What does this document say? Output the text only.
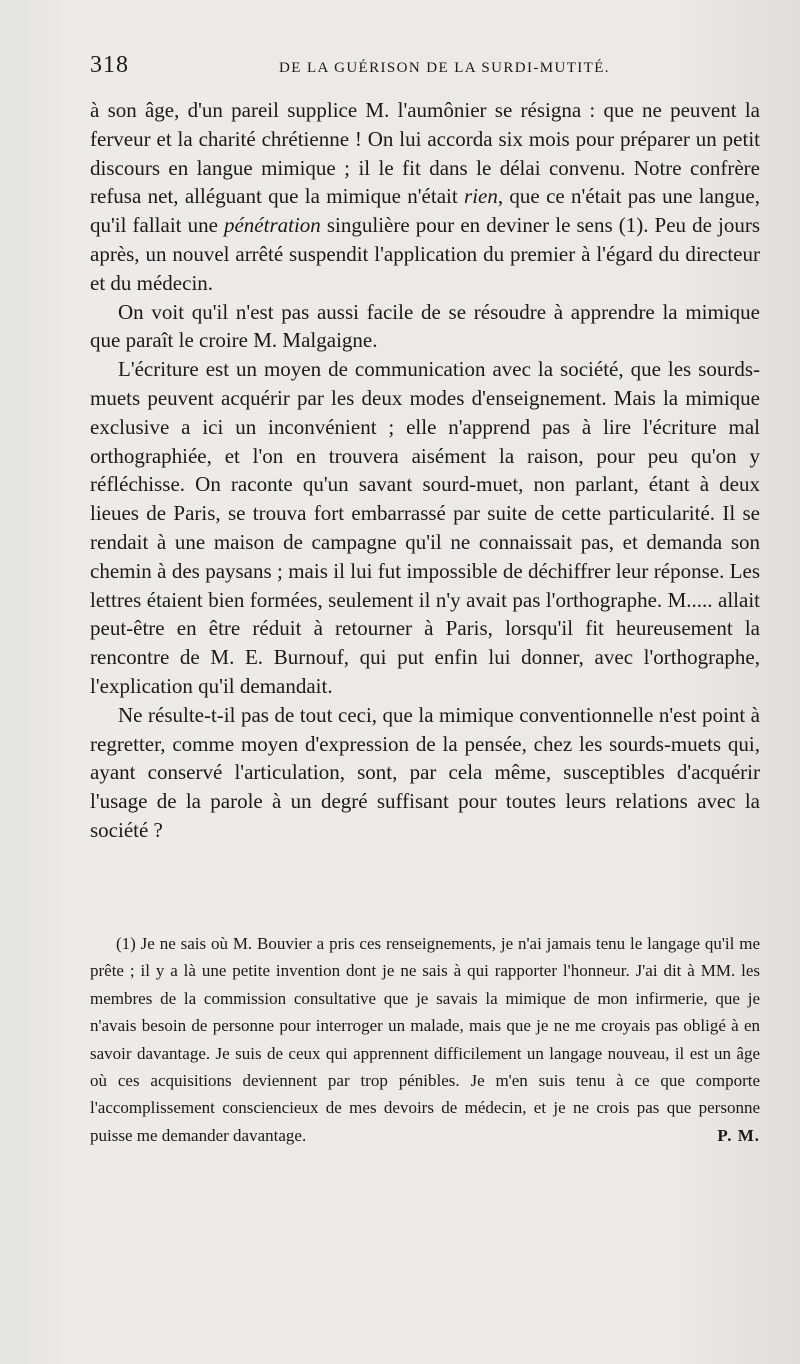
318	DE LA GUÉRISON DE LA SURDI-MUTITÉ.

à son âge, d'un pareil supplice M. l'aumônier se résigna : que ne peuvent la ferveur et la charité chrétienne ! On lui accorda six mois pour préparer un petit discours en langue mimique ; il le fit dans le délai convenu. Notre confrère refusa net, alléguant que la mimique n'était rien, que ce n'était pas une langue, qu'il fallait une pénétration singulière pour en deviner le sens (1). Peu de jours après, un nouvel arrêté suspendit l'application du premier à l'égard du directeur et du médecin.

On voit qu'il n'est pas aussi facile de se résoudre à apprendre la mimique que paraît le croire M. Malgaigne.

L'écriture est un moyen de communication avec la société, que les sourds-muets peuvent acquérir par les deux modes d'enseignement. Mais la mimique exclusive a ici un inconvénient ; elle n'apprend pas à lire l'écriture mal orthographiée, et l'on en trouvera aisément la raison, pour peu qu'on y réfléchisse. On raconte qu'un savant sourd-muet, non parlant, étant à deux lieues de Paris, se trouva fort embarrassé par suite de cette particularité. Il se rendait à une maison de campagne qu'il ne connaissait pas, et demanda son chemin à des paysans ; mais il lui fut impossible de déchiffrer leur réponse. Les lettres étaient bien formées, seulement il n'y avait pas l'orthographe. M..... allait peut-être en être réduit à retourner à Paris, lorsqu'il fit heureusement la rencontre de M. E. Burnouf, qui put enfin lui donner, avec l'orthographe, l'explication qu'il demandait.

Ne résulte-t-il pas de tout ceci, que la mimique conventionnelle n'est point à regretter, comme moyen d'expression de la pensée, chez les sourds-muets qui, ayant conservé l'articulation, sont, par cela même, susceptibles d'acquérir l'usage de la parole à un degré suffisant pour toutes leurs relations avec la société ?

(1) Je ne sais où M. Bouvier a pris ces renseignements, je n'ai jamais tenu le langage qu'il me prête ; il y a là une petite invention dont je ne sais à qui rapporter l'honneur. J'ai dit à MM. les membres de la commission consultative que je savais la mimique de mon infirmerie, que je n'avais besoin de personne pour interroger un malade, mais que je ne me croyais pas obligé à en savoir davantage. Je suis de ceux qui apprennent difficilement un langage nouveau, il est un âge où ces acquisitions deviennent par trop pénibles. Je m'en suis tenu à ce que comporte l'accomplissement consciencieux de mes devoirs de médecin, et je ne crois pas que personne puisse me demander davantage.	P. M.
